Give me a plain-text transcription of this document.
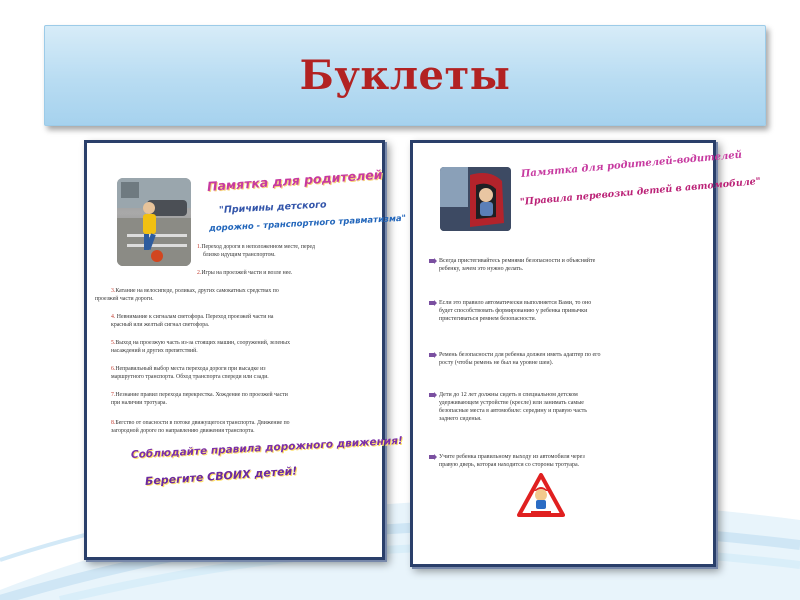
Буклеты
Памятка для родителей
"Причины детского
дорожно - транспортного травматизма"
1.Переход дороги в неположенном месте, перед
близко идущим транспортом.
2.Игры на проезжей части и возле нее.
3.Катание на велосипеде, роликах, других самокатных средствах по
проезжей части дороги.
4. Невнимание к сигналам светофора. Переход проезжей части на
красный или желтый сигнал светофора.
5.Выход на проезжую часть из-за стоящих машин, сооружений, зеленых
насаждений и других препятствий.
6.Неправильный выбор места перехода дороги при высадке из
маршрутного транспорта. Обход транспорта спереди или сзади.
7.Незнание правил перехода перекрестка. Хождение по проезжей части
при наличии тротуара.
8.Бегство от опасности в потоке движущегося транспорта. Движение по
загородной дороге по направлению движения транспорта.
Соблюдайте правила дорожного движения!
Берегите СВОИХ детей!
Памятка для родителей-водителей
"Правила перевозки детей в автомобиле"
Всегда пристегивайтесь ремнями безопасности и объясняйте
ребенку, зачем это нужно делать.
Если это правило автоматически выполняется Вами, то оно
будет способствовать формированию у ребенка привычки
пристегиваться ремнем безопасности.
Ремень безопасности для ребенка должен иметь адаптер по его
росту (чтобы ремень не был на уровне шеи).
Дети до 12 лет должны сидеть в специальном детском
удерживающем устройстве (кресле) или занимать самые
безопасные места в автомобиле: середину и правую часть
заднего сиденья.
Учите ребенка правильному выходу из автомобиля через
правую дверь, которая находится со стороны тротуара.
